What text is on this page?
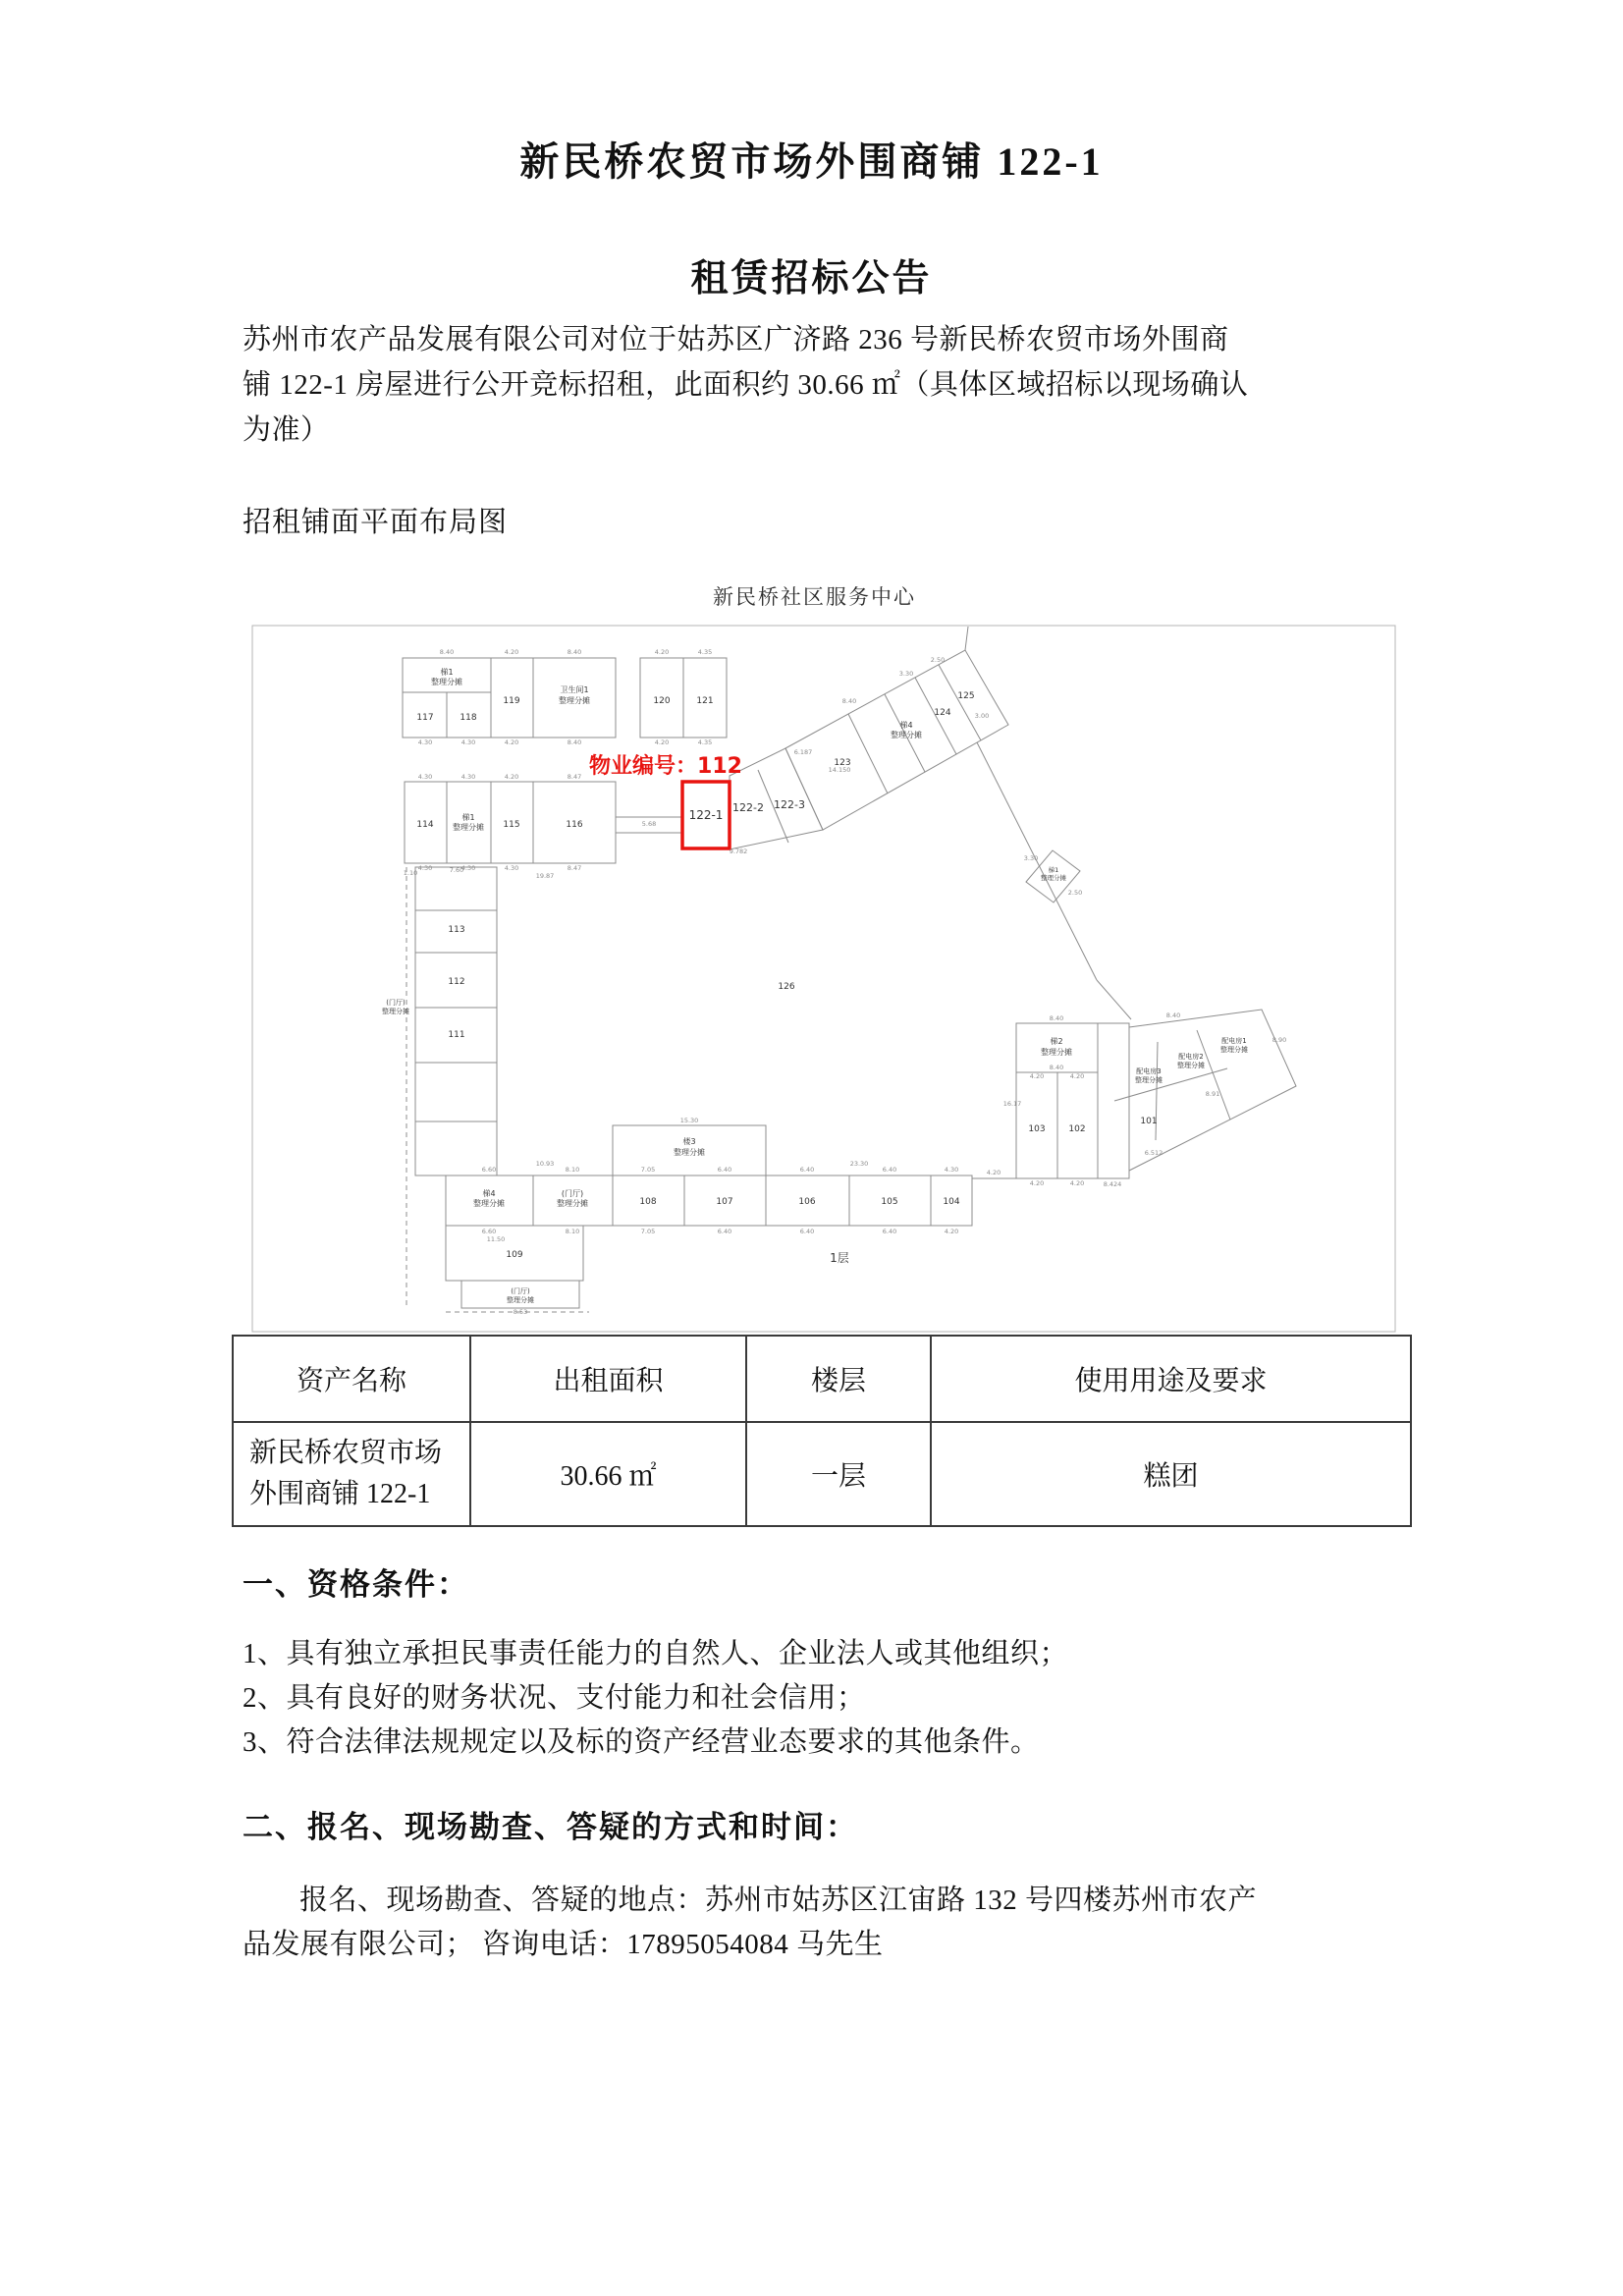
新民桥农贸市场外围商铺 122-1
租赁招标公告
苏州市农产品发展有限公司对位于姑苏区广济路 236 号新民桥农贸市场外围商
铺 122-1 房屋进行公开竞标招租，此面积约 30.66 ㎡（具体区域招标以现场确认
为准）
招租铺面平面布局图
新民桥社区服务中心
物业编号：112
122-1
122-2 122-3
梯1
整理分摊
117	118
119
卫生间1
整理分摊	120	121
123
梯4
整理分摊
124
125
114
梯1
整理分摊 115	116
113
112
111
(门厅)
整理分摊
126
楼3
整理分摊
梯4
整理分摊
(门厅)
整理分摊	108	107	106	105	104
109
(门厅)
整理分摊
1层
梯2
整理分摊
103	102
配电房3
整理分摊
配电房2
整理分摊
配电房1
整理分摊
101
梯1
整理分摊
8.40	4.20	8.40
4.30	4.30	4.20	8.40
4.20	4.35
4.20	4.35
4.30	4.30	4.20	8.47
4.30	4.30	4.30	8.47
19.87
1.10
5.68
9.782
7.60
6.187
8.40
3.30
2.50
3.00
14.150
15.30
6.60	8.10	7.05	6.40	6.40	6.40	4.30
23.30
10.93
6.60	8.10	7.05	6.40	6.40	6.40	4.20
11.50
8.53
8.40
8.40
4.20	4.20
4.20	4.20	8.424
16.17
8.40
8.90
8.91
6.512
3.30
2.50
4.20
资产名称	出租面积	楼层	使用用途及要求

新民桥农贸市场
外围商铺 122-1	30.66 ㎡	一层	糕团
一、资格条件：
1、具有独立承担民事责任能力的自然人、企业法人或其他组织；
2、具有良好的财务状况、支付能力和社会信用；
3、符合法律法规规定以及标的资产经营业态要求的其他条件。
二、报名、现场勘查、答疑的方式和时间：
报名、现场勘查、答疑的地点：苏州市姑苏区江宙路 132 号四楼苏州市农产
品发展有限公司； 咨询电话：17895054084 马先生
